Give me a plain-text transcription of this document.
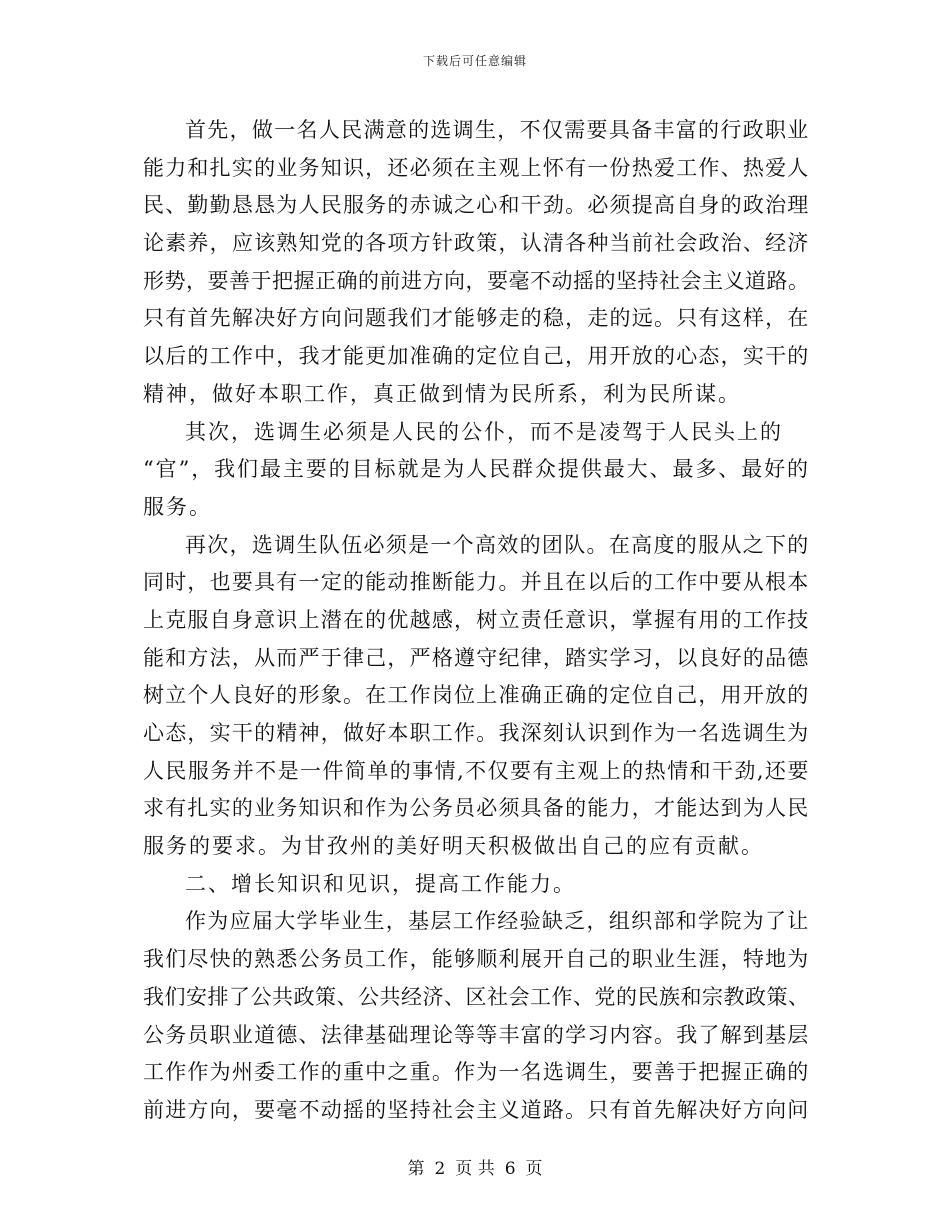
下载后可任意编辑
首先，做一名人民满意的选调生，不仅需要具备丰富的行政职业
能力和扎实的业务知识，还必须在主观上怀有一份热爱工作、热爱人
民、勤勤恳恳为人民服务的赤诚之心和干劲。必须提高自身的政治理
论素养，应该熟知党的各项方针政策，认清各种当前社会政治、经济
形势，要善于把握正确的前进方向，要毫不动摇的坚持社会主义道路。
只有首先解决好方向问题我们才能够走的稳，走的远。只有这样，在
以后的工作中，我才能更加准确的定位自己，用开放的心态，实干的
精神，做好本职工作，真正做到情为民所系，利为民所谋。
其次，选调生必须是人民的公仆，而不是凌驾于人民头上的
“官”，我们最主要的目标就是为人民群众提供最大、最多、最好的
服务。
再次，选调生队伍必须是一个高效的团队。在高度的服从之下的
同时，也要具有一定的能动推断能力。并且在以后的工作中要从根本
上克服自身意识上潜在的优越感，树立责任意识，掌握有用的工作技
能和方法，从而严于律己，严格遵守纪律，踏实学习，以良好的品德
树立个人良好的形象。在工作岗位上准确正确的定位自己，用开放的
心态，实干的精神，做好本职工作。我深刻认识到作为一名选调生为
人民服务并不是一件简单的事情,不仅要有主观上的热情和干劲,还要
求有扎实的业务知识和作为公务员必须具备的能力，才能达到为人民
服务的要求。为甘孜州的美好明天积极做出自己的应有贡献。
二、增长知识和见识，提高工作能力。
作为应届大学毕业生，基层工作经验缺乏，组织部和学院为了让
我们尽快的熟悉公务员工作，能够顺利展开自己的职业生涯，特地为
我们安排了公共政策、公共经济、区社会工作、党的民族和宗教政策、
公务员职业道德、法律基础理论等等丰富的学习内容。我了解到基层
工作作为州委工作的重中之重。作为一名选调生，要善于把握正确的
前进方向，要毫不动摇的坚持社会主义道路。只有首先解决好方向问
第 2 页 共 6 页
